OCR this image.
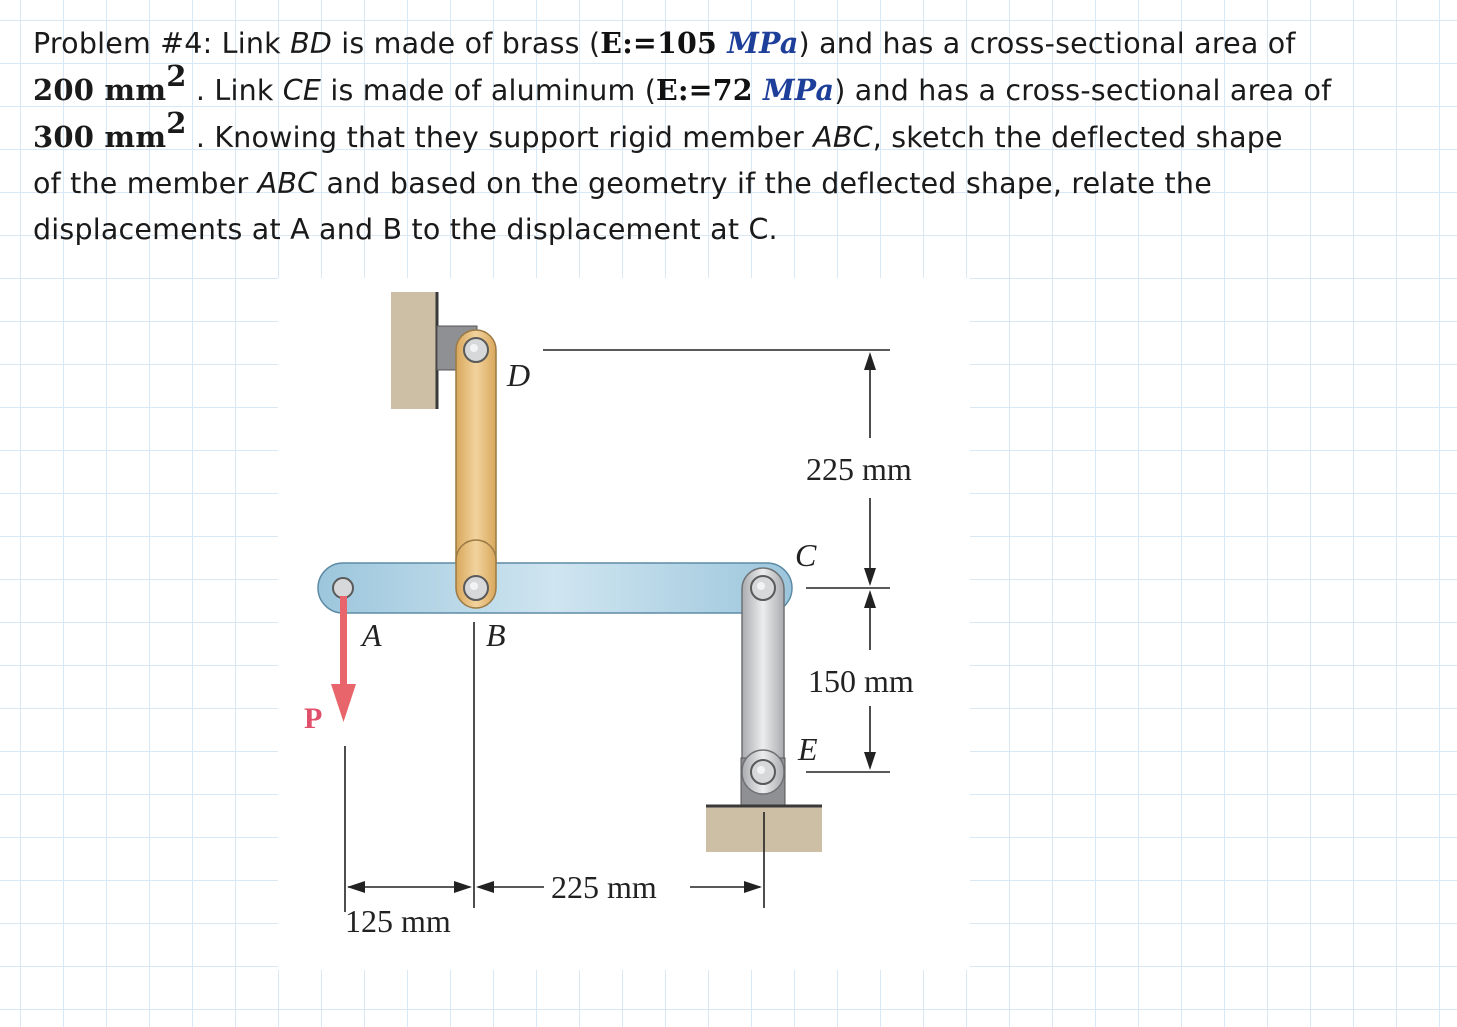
Problem #4: Link BD is made of brass (E:=105 MPa) and has a cross-sectional area of
200 mm2 . Link CE is made of aluminum (E:=72 MPa) and has a cross-sectional area of
300 mm2 . Knowing that they support rigid member ABC, sketch the deflected shape
of the member ABC and based on the geometry if the deflected shape, relate the
displacements at A and B to the displacement at C.
P
D
C
A	B
E
225 mm
150 mm
125 mm
225 mm
